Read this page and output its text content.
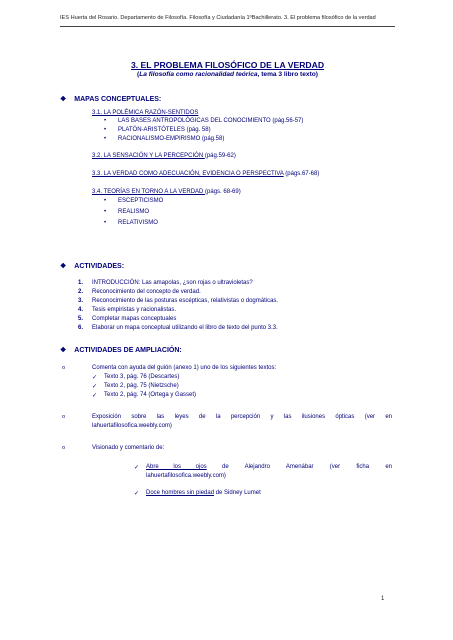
IES Huerta del Rosario. Departamento de Filosofía. Filosofía y Ciudadanía 1ºBachillerato. 3. El problema filosófico de la verdad
3. EL PROBLEMA FILOSÓFICO DE LA VERDAD
(La filosofía como racionalidad teórica, tema 3 libro texto)
❖ MAPAS CONCEPTUALES:
3.1. LA POLÉMICA RAZÓN-SENTIDOS
• LAS BASES ANTROPOLÓGICAS DEL CONOCIMIENTO (pág.56-57)
• PLATÓN-ARISTÓTELES (pág. 58)
• RACIONALISMO-EMPIRISMO (pág.58)
3.2. LA SENSACIÓN Y LA PERCEPCIÓN (pág.59-62)
3.3. LA VERDAD COMO ADECUACIÓN, EVIDENCIA O PERSPECTIVA (págs.67-68)
3.4. TEORÍAS EN TORNO A LA VERDAD (págs. 68-69)
• ESCEPTICISMO
• REALISMO
• RELATIVISMO
❖ ACTIVIDADES:
1. INTRODUCCIÓN: Las amapolas, ¿son rojas o ultravioletas?
2. Reconocimiento del concepto de verdad.
3. Reconocimiento de las posturas escépticas, relativistas o dogmáticas.
4. Tesis empiristas y racionalistas.
5. Completar mapas conceptuales
6. Elaborar un mapa conceptual utilizando el libro de texto del punto 3.3.
❖ ACTIVIDADES DE AMPLIACIÓN:
o	Comenta con ayuda del guión (anexo 1) uno de los siguientes textos:
✓ Texto 3, pág. 76 (Descartes)
✓ Texto 2, pág. 75 (Nietzsche)
✓ Texto 2, pág. 74 (Ortega y Gasset)
o	Exposición sobre las leyes de la percepción y las ilusiones ópticas (ver en
lahuertafilosofica.weebly.com)
o	Visionado y comentario de:
✓ Abre los ojos	de Alejandro Amenábar (ver ficha en
lahuertafilosofica.weebly.com)
✓ Doce hombres sin piedad de Sidney Lumet
1
